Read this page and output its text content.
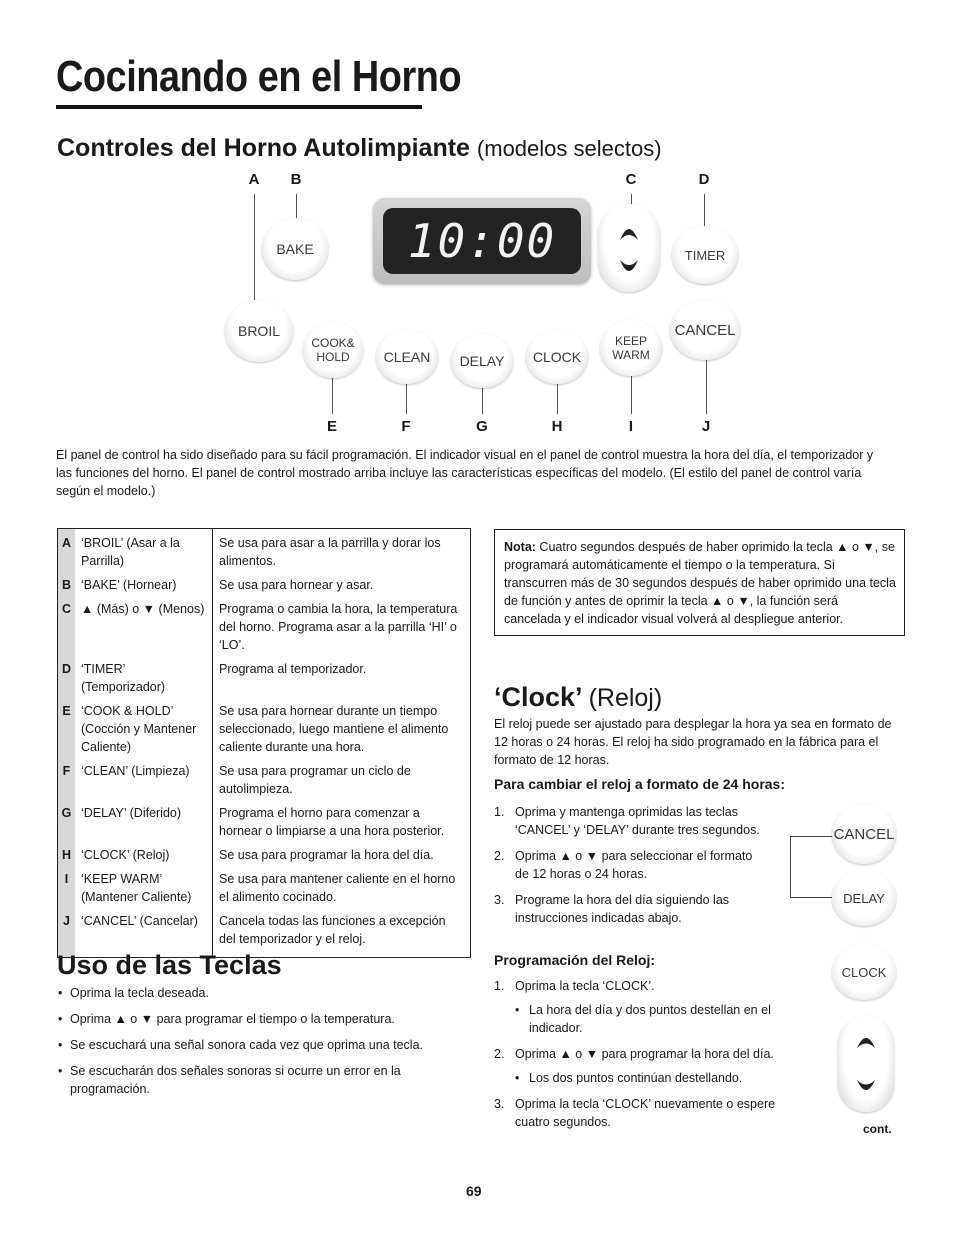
Cocinando en el Horno
Controles del Horno Autolimpiante (modelos selectos)
A	B	C	D
10:00
BAKE
BROIL
COOK&
HOLD	CLEAN	DELAY	CLOCK
KEEP
WARM
TIMER
CANCEL
E	F	G	H	I	J
El panel de control ha sido diseñado para su fácil programación. El indicador visual en el panel de control muestra la hora del día, el temporizador y las funciones del horno. El panel de control mostrado arriba incluye las características específicas del modelo. (El estilo del panel de control varía según el modelo.)
A	‘BROIL’ (Asar a la Parrilla)	Se usa para asar a la parrilla y dorar los alimentos.
B	‘BAKE’ (Hornear)	Se usa para hornear y asar.
C	▲ (Más) o ▼ (Menos)	Programa o cambia la hora, la temperatura del horno. Programa asar a la parrilla ‘HI’ o ‘LO’.
D	‘TIMER’ (Temporizador)	Programa al temporizador.
E	‘COOK & HOLD’ (Cocción y Mantener Caliente)	Se usa para hornear durante un tiempo seleccionado, luego mantiene el alimento caliente durante una hora.
F	‘CLEAN’ (Limpieza)	Se usa para programar un ciclo de autolimpieza.
G	‘DELAY’ (Diferido)	Programa el horno para comenzar a hornear o limpiarse a una hora posterior.
H	‘CLOCK’ (Reloj)	Se usa para programar la hora del día.
I	‘KEEP WARM’ (Mantener Caliente)	Se usa para mantener caliente en el horno el alimento cocinado.
J	‘CANCEL’ (Cancelar)	Cancela todas las funciones a excepción del temporizador y el reloj.
Nota: Cuatro segundos después de haber oprimido la tecla ▲ o ▼, se programará automáticamente el tiempo o la temperatura. Si transcurren más de 30 segundos después de haber oprimido una tecla de función y antes de oprimir la tecla ▲ o ▼, la función será cancelada y el indicador visual volverá al despliegue anterior.
Uso de las Teclas
• Oprima la tecla deseada.
• Oprima ▲ o ▼ para programar el tiempo o la temperatura.
• Se escuchará una señal sonora cada vez que oprima una tecla.
• Se escucharán dos señales sonoras si ocurre un error en la programación.
‘Clock’ (Reloj)
El reloj puede ser ajustado para desplegar la hora ya sea en formato de 12 horas o 24 horas. El reloj ha sido programado en la fábrica para el formato de 12 horas.
Para cambiar el reloj a formato de 24 horas:
1. Oprima y mantenga oprimidas las teclas ‘CANCEL’ y ‘DELAY’ durante tres segundos.
2. Oprima ▲ o ▼ para seleccionar el formato de 12 horas o 24 horas.
3. Programe la hora del día siguiendo las instrucciones indicadas abajo.
Programación del Reloj:
1. Oprima la tecla ‘CLOCK’.
• La hora del día y dos puntos destellan en el indicador.
2. Oprima ▲ o ▼ para programar la hora del día.
• Los dos puntos continúan destellando.
3. Oprima la tecla ‘CLOCK’ nuevamente o espere cuatro segundos.
CANCEL
DELAY
CLOCK
cont.
69
